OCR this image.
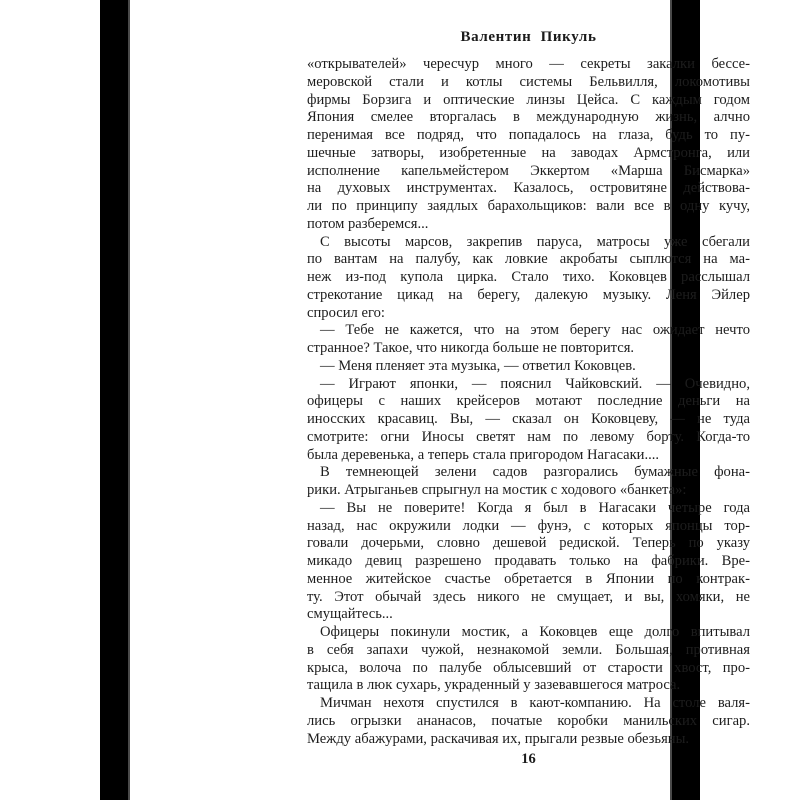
Валентин Пикуль
«открывателей» чересчур много — секреты закалки бессе-
меровской стали и котлы системы Бельвилля, локомотивы
фирмы Борзига и оптические линзы Цейса. С каждым годом
Япония смелее вторгалась в международную жизнь, алчно
перенимая все подряд, что попадалось на глаза, будь то пу-
шечные затворы, изобретенные на заводах Армстронга, или
исполнение капельмейстером Эккертом «Марша Бисмарка»
на духовых инструментах. Казалось, островитяне действова-
ли по принципу заядлых барахольщиков: вали все в одну кучу,
потом разберемся...
С высоты марсов, закрепив паруса, матросы уже сбегали
по вантам на палубу, как ловкие акробаты сыплются на ма-
неж из-под купола цирка. Стало тихо. Коковцев расслышал
стрекотание цикад на берегу, далекую музыку. Леня Эйлер
спросил его:
— Тебе не кажется, что на этом берегу нас ожидает нечто
странное? Такое, что никогда больше не повторится.
— Меня пленяет эта музыка, — ответил Коковцев.
— Играют японки, — пояснил Чайковский. — Очевидно,
офицеры с наших крейсеров мотают последние деньги на
иносских красавиц. Вы, — сказал он Коковцеву, — не туда
смотрите: огни Иносы светят нам по левому борту. Когда-то
была деревенька, а теперь стала пригородом Нагасаки....
В темнеющей зелени садов разгорались бумажные фона-
рики. Атрыганьев спрыгнул на мостик с ходового «банкета»:
— Вы не поверите! Когда я был в Нагасаки четыре года
назад, нас окружили лодки — фунэ, с которых японцы тор-
говали дочерьми, словно дешевой редиской. Теперь по указу
микадо девиц разрешено продавать только на фабрики. Вре-
менное житейское счастье обретается в Японии по контрак-
ту. Этот обычай здесь никого не смущает, и вы, хомяки, не
смущайтесь...
Офицеры покинули мостик, а Коковцев еще долго впитывал
в себя запахи чужой, незнакомой земли. Большая, противная
крыса, волоча по палубе облысевший от старости хвост, про-
тащила в люк сухарь, украденный у зазевавшегося матроса.
Мичман нехотя спустился в кают-компанию. На столе валя-
лись огрызки ананасов, початые коробки манильских сигар.
Между абажурами, раскачивая их, прыгали резвые обезьяны.
16
